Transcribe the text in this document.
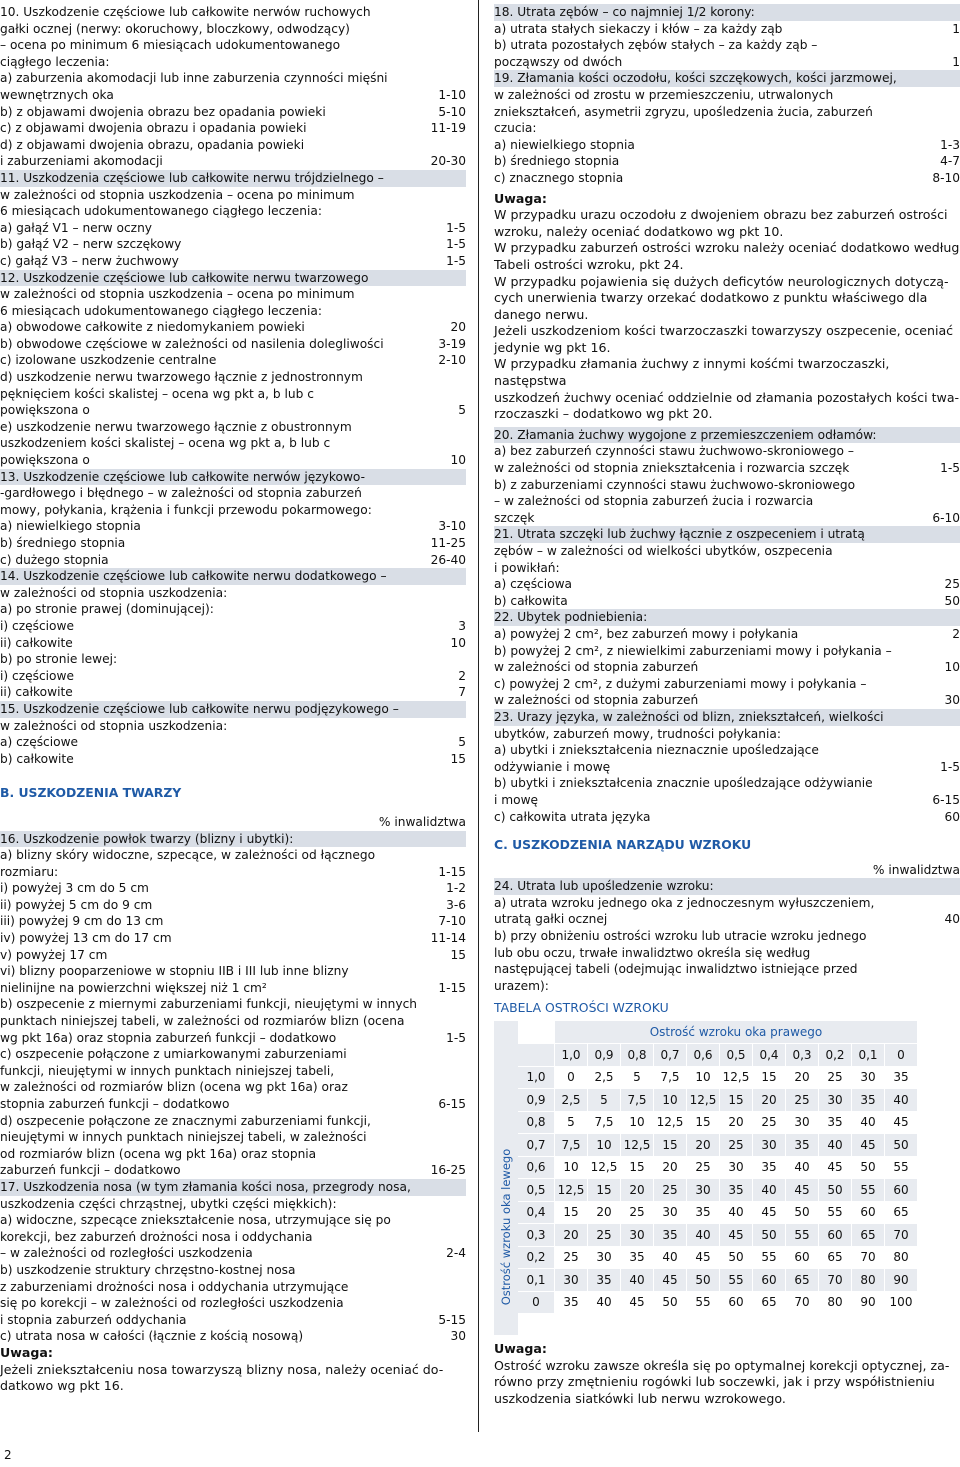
10. Uszkodzenie częściowe lub całkowite nerwów ruchowych
gałki ocznej (nerwy: okoruchowy, bloczkowy, odwodzący)
– ocena po minimum 6 miesiącach udokumentowanego
ciągłego leczenia:
a) zaburzenia akomodacji lub inne zaburzenia czynności mięśni
wewnętrznych oka	1-10
b) z objawami dwojenia obrazu bez opadania powieki	5-10
c) z objawami dwojenia obrazu i opadania powieki	11-19
d) z objawami dwojenia obrazu, opadania powieki
i zaburzeniami akomodacji	20-30
11. Uszkodzenia częściowe lub całkowite nerwu trójdzielnego –
w zależności od stopnia uszkodzenia – ocena po minimum
6 miesiącach udokumentowanego ciągłego leczenia:
a) gałąź V1 – nerw oczny	1-5
b) gałąź V2 – nerw szczękowy	1-5
c) gałąź V3 – nerw żuchwowy	1-5
12. Uszkodzenie częściowe lub całkowite nerwu twarzowego
w zależności od stopnia uszkodzenia – ocena po minimum
6 miesiącach udokumentowanego ciągłego leczenia:
a) obwodowe całkowite z niedomykaniem powieki	20
b) obwodowe częściowe w zależności od nasilenia dolegliwości	3-19
c) izolowane uszkodzenie centralne	2-10
d) uszkodzenie nerwu twarzowego łącznie z jednostronnym
pęknięciem kości skalistej – ocena wg pkt a, b lub c
powiększona o	5
e) uszkodzenie nerwu twarzowego łącznie z obustronnym
uszkodzeniem kości skalistej – ocena wg pkt a, b lub c
powiększona o	10
13. Uszkodzenie częściowe lub całkowite nerwów językowo-
-gardłowego i błędnego – w zależności od stopnia zaburzeń
mowy, połykania, krążenia i funkcji przewodu pokarmowego:
a) niewielkiego stopnia	3-10
b) średniego stopnia	11-25
c) dużego stopnia	26-40
14. Uszkodzenie częściowe lub całkowite nerwu dodatkowego –
w zależności od stopnia uszkodzenia:
a) po stronie prawej (dominującej):
i) częściowe	3
ii) całkowite	10
b) po stronie lewej:
i) częściowe	2
ii) całkowite	7
15. Uszkodzenie częściowe lub całkowite nerwu podjęzykowego –
w zależności od stopnia uszkodzenia:
a) częściowe	5
b) całkowite	15
B. USZKODZENIA TWARZY
% inwalidztwa
16. Uszkodzenie powłok twarzy (blizny i ubytki):
a) blizny skóry widoczne, szpecące, w zależności od łącznego
rozmiaru:	1-15
i) powyżej 3 cm do 5 cm	1-2
ii) powyżej 5 cm do 9 cm	3-6
iii) powyżej 9 cm do 13 cm	7-10
iv) powyżej 13 cm do 17 cm	11-14
v) powyżej 17 cm	15
vi) blizny pooparzeniowe w stopniu IIB i III lub inne blizny
nielinijne na powierzchni większej niż 1 cm²	1-15
b) oszpecenie z miernymi zaburzeniami funkcji, nieujętymi w innych
punktach niniejszej tabeli, w zależności od rozmiarów blizn (ocena
wg pkt 16a) oraz stopnia zaburzeń funkcji – dodatkowo	1-5
c) oszpecenie połączone z umiarkowanymi zaburzeniami
funkcji, nieujętymi w innych punktach niniejszej tabeli,
w zależności od rozmiarów blizn (ocena wg pkt 16a) oraz
stopnia zaburzeń funkcji – dodatkowo	6-15
d) oszpecenie połączone ze znacznymi zaburzeniami funkcji,
nieujętymi w innych punktach niniejszej tabeli, w zależności
od rozmiarów blizn (ocena wg pkt 16a) oraz stopnia
zaburzeń funkcji – dodatkowo	16-25
17. Uszkodzenia nosa (w tym złamania kości nosa, przegrody nosa,
uszkodzenia części chrząstnej, ubytki części miękkich):
a) widoczne, szpecące zniekształcenie nosa, utrzymujące się po
korekcji, bez zaburzeń drożności nosa i oddychania
– w zależności od rozległości uszkodzenia	2-4
b) uszkodzenie struktury chrzęstno-kostnej nosa
z zaburzeniami drożności nosa i oddychania utrzymujące
się po korekcji – w zależności od rozległości uszkodzenia
i stopnia zaburzeń oddychania	5-15
c) utrata nosa w całości (łącznie z kością nosową)	30
Uwaga:
Jeżeli zniekształceniu nosa towarzyszą blizny nosa, należy oceniać do-
datkowo wg pkt 16.
18. Utrata zębów – co najmniej 1/2 korony:
a) utrata stałych siekaczy i kłów – za każdy ząb	1
b) utrata pozostałych zębów stałych – za każdy ząb –
począwszy od dwóch	1
19. Złamania kości oczodołu, kości szczękowych, kości jarzmowej,
w zależności od zrostu w przemieszczeniu, utrwalonych
zniekształceń, asymetrii zgryzu, upośledzenia żucia, zaburzeń
czucia:
a) niewielkiego stopnia	1-3
b) średniego stopnia	4-7
c) znacznego stopnia	8-10
Uwaga:
W przypadku urazu oczodołu z dwojeniem obrazu bez zaburzeń ostrości
wzroku, należy oceniać dodatkowo wg pkt 10.
W przypadku zaburzeń ostrości wzroku należy oceniać dodatkowo według
Tabeli ostrości wzroku, pkt 24.
W przypadku pojawienia się dużych deficytów neurologicznych dotyczą-
cych unerwienia twarzy orzekać dodatkowo z punktu właściwego dla
danego nerwu.
Jeżeli uszkodzeniom kości twarzoczaszki towarzyszy oszpecenie, oceniać
jedynie wg pkt 16.
W przypadku złamania żuchwy z innymi kośćmi twarzoczaszki, następstwa
uszkodzeń żuchwy oceniać oddzielnie od złamania pozostałych kości twa-
rzoczaszki – dodatkowo wg pkt 20.
20. Złamania żuchwy wygojone z przemieszczeniem odłamów:
a) bez zaburzeń czynności stawu żuchwowo-skroniowego –
w zależności od stopnia zniekształcenia i rozwarcia szczęk	1-5
b) z zaburzeniami czynności stawu żuchwowo-skroniowego
– w zależności od stopnia zaburzeń żucia i rozwarcia
szczęk	6-10
21. Utrata szczęki lub żuchwy łącznie z oszpeceniem i utratą
zębów – w zależności od wielkości ubytków, oszpecenia
i powikłań:
a) częściowa	25
b) całkowita	50
22. Ubytek podniebienia:
a) powyżej 2 cm², bez zaburzeń mowy i połykania	2
b) powyżej 2 cm², z niewielkimi zaburzeniami mowy i połykania –
w zależności od stopnia zaburzeń	10
c) powyżej 2 cm², z dużymi zaburzeniami mowy i połykania –
w zależności od stopnia zaburzeń	30
23. Urazy języka, w zależności od blizn, zniekształceń, wielkości
ubytków, zaburzeń mowy, trudności połykania:
a) ubytki i zniekształcenia nieznacznie upośledzające
odżywianie i mowę	1-5
b) ubytki i zniekształcenia znacznie upośledzające odżywianie
i mowę	6-15
c) całkowita utrata języka	60
C. USZKODZENIA NARZĄDU WZROKU
% inwalidztwa
24. Utrata lub upośledzenie wzroku:
a) utrata wzroku jednego oka z jednoczesnym wyłuszczeniem,
utratą gałki ocznej	40
b) przy obniżeniu ostrości wzroku lub utracie wzroku jednego
lub obu oczu, trwałe inwalidztwo określa się według
następującej tabeli (odejmując inwalidztwo istniejące przed
urazem):
TABELA OSTROŚCI WZROKU
Ostrość wzroku oka lewego
	Ostrość wzroku oka prawego										
	1,0	0,9	0,8	0,7	0,6	0,5	0,4	0,3	0,2	0,1	0
1,0	0	2,5	5	7,5	10	12,5	15	20	25	30	35
0,9	2,5	5	7,5	10	12,5	15	20	25	30	35	40
0,8	5	7,5	10	12,5	15	20	25	30	35	40	45
0,7	7,5	10	12,5	15	20	25	30	35	40	45	50
0,6	10	12,5	15	20	25	30	35	40	45	50	55
0,5	12,5	15	20	25	30	35	40	45	50	55	60
0,4	15	20	25	30	35	40	45	50	55	60	65
0,3	20	25	30	35	40	45	50	55	60	65	70
0,2	25	30	35	40	45	50	55	60	65	70	80
0,1	30	35	40	45	50	55	60	65	70	80	90
0	35	40	45	50	55	60	65	70	80	90	100
Uwaga:
Ostrość wzroku zawsze określa się po optymalnej korekcji optycznej, za-
równo przy zmętnieniu rogówki lub soczewki, jak i przy współistnieniu
uszkodzenia siatkówki lub nerwu wzrokowego.
2
